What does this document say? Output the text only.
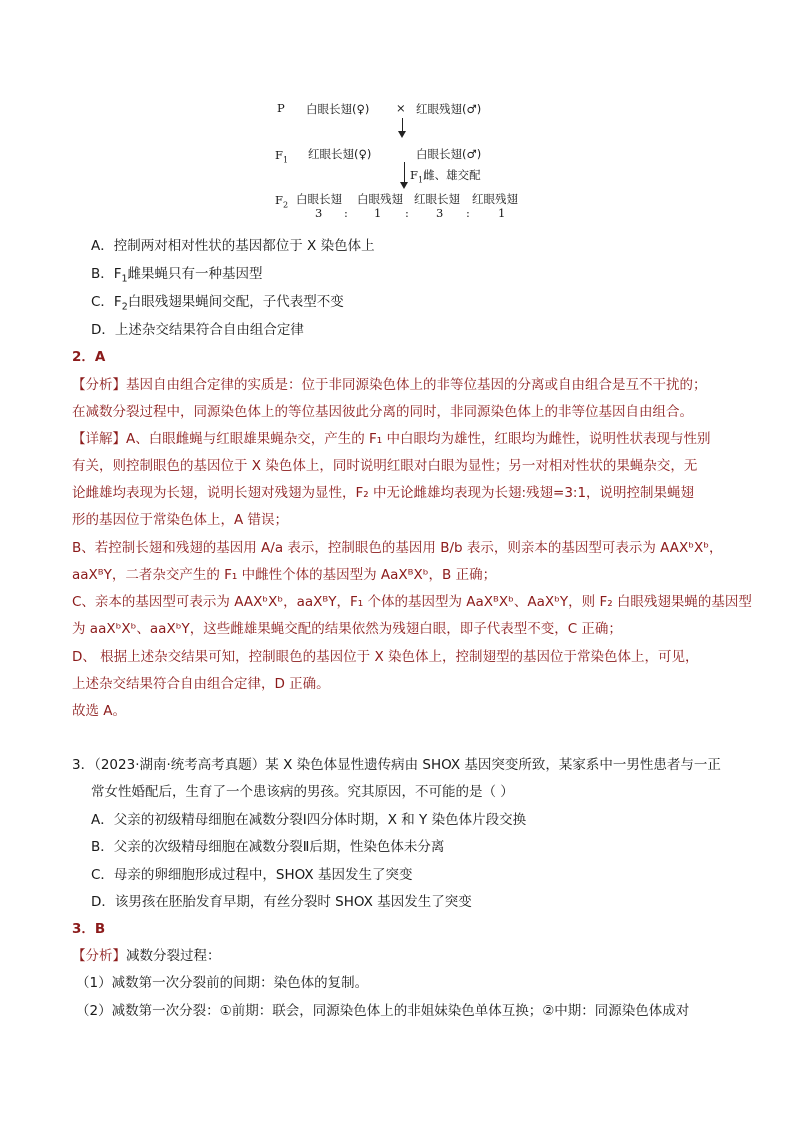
P 白眼长翅(♀) × 红眼残翅(♂)
$F_1$ 红眼长翅(♀)	白眼长翅(♂)
$F_1$雌、雄交配
$F_2$ 白眼长翅 白眼残翅 红眼长翅 红眼残翅
3 : 1 : 3 : 1
A．控制两对相对性状的基因都位于 X 染色体上
B．$F_1$雌果蝇只有一种基因型
C．$F_2$白眼残翅果蝇间交配，子代表型不变
D．上述杂交结果符合自由组合定律
2．A
【分析】基因自由组合定律的实质是：位于非同源染色体上的非等位基因的分离或自由组合是互不干扰的；
在减数分裂过程中，同源染色体上的等位基因彼此分离的同时，非同源染色体上的非等位基因自由组合。
【详解】A、白眼雌蝇与红眼雄果蝇杂交，产生的 F₁ 中白眼均为雄性，红眼均为雌性，说明性状表现与性别
有关，则控制眼色的基因位于 X 染色体上，同时说明红眼对白眼为显性；另一对相对性状的果蝇杂交，无
论雌雄均表现为长翅，说明长翅对残翅为显性，F₂ 中无论雌雄均表现为长翅:残翅=3:1，说明控制果蝇翅
形的基因位于常染色体上，A 错误；
B、若控制长翅和残翅的基因用 A/a 表示，控制眼色的基因用 B/b 表示，则亲本的基因型可表示为 AAXᵇXᵇ，
aaXᴮY，二者杂交产生的 F₁ 中雌性个体的基因型为 AaXᴮXᵇ，B 正确；
C、亲本的基因型可表示为 AAXᵇXᵇ，aaXᴮY，F₁ 个体的基因型为 AaXᴮXᵇ、AaXᵇY，则 F₂ 白眼残翅果蝇的基因型
为 aaXᵇXᵇ、aaXᵇY，这些雌雄果蝇交配的结果依然为残翅白眼，即子代表型不变，C 正确；
D、 根据上述杂交结果可知，控制眼色的基因位于 X 染色体上，控制翅型的基因位于常染色体上，可见，
上述杂交结果符合自由组合定律，D 正确。
故选 A。
3．（2023·湖南·统考高考真题）某 X 染色体显性遗传病由 SHOX 基因突变所致，某家系中一男性患者与一正
常女性婚配后，生育了一个患该病的男孩。究其原因，不可能的是（ ）
A．父亲的初级精母细胞在减数分裂Ⅰ四分体时期，X 和 Y 染色体片段交换
B．父亲的次级精母细胞在减数分裂Ⅱ后期，性染色体未分离
C．母亲的卵细胞形成过程中，SHOX 基因发生了突变
D．该男孩在胚胎发育早期，有丝分裂时 SHOX 基因发生了突变
3．B
【分析】减数分裂过程：
（1）减数第一次分裂前的间期：染色体的复制。
（2）减数第一次分裂：①前期：联会，同源染色体上的非姐妹染色单体互换；②中期：同源染色体成对
